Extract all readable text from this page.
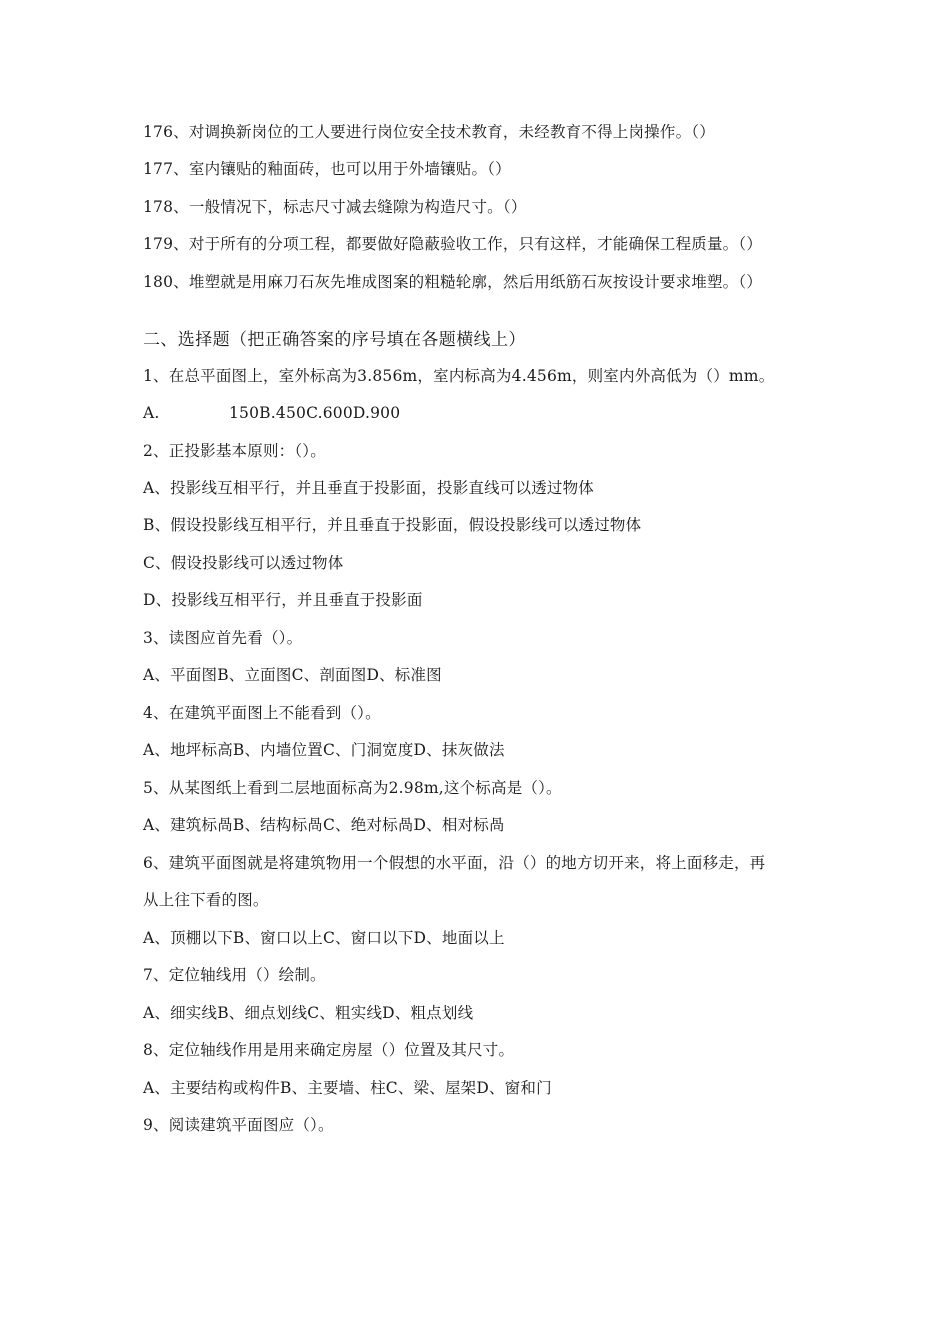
176、对调换新岗位的工人要进行岗位安全技术教育，未经教育不得上岗操作。（）
177、室内镶贴的釉面砖，也可以用于外墙镶贴。（）
178、一般情况下，标志尺寸减去缝隙为构造尺寸。（）
179、对于所有的分项工程，都要做好隐蔽验收工作，只有这样，才能确保工程质量。（）
180、堆塑就是用麻刀石灰先堆成图案的粗糙轮廓，然后用纸筋石灰按设计要求堆塑。（）
二、选择题（把正确答案的序号填在各题横线上）
1、在总平面图上，室外标高为3.856m，室内标高为4.456m，则室内外高低为（）mm。
A.	150B.450C.600D.900
2、正投影基本原则：（）。
A、投影线互相平行，并且垂直于投影面，投影直线可以透过物体
B、假设投影线互相平行，并且垂直于投影面，假设投影线可以透过物体
C、假设投影线可以透过物体
D、投影线互相平行，并且垂直于投影面
3、读图应首先看（）。
A、平面图B、立面图C、剖面图D、标准图
4、在建筑平面图上不能看到（）。
A、地坪标高B、内墙位置C、门洞宽度D、抹灰做法
5、从某图纸上看到二层地面标高为2.98m,这个标高是（）。
A、建筑标咼B、结构标咼C、绝对标咼D、相对标咼
6、建筑平面图就是将建筑物用一个假想的水平面，沿（）的地方切开来，将上面移走，再
从上往下看的图。
A、顶棚以下B、窗口以上C、窗口以下D、地面以上
7、定位轴线用（）绘制。
A、细实线B、细点划线C、粗实线D、粗点划线
8、定位轴线作用是用来确定房屋（）位置及其尺寸。
A、主要结构或构件B、主要墙、柱C、梁、屋架D、窗和门
9、阅读建筑平面图应（）。
